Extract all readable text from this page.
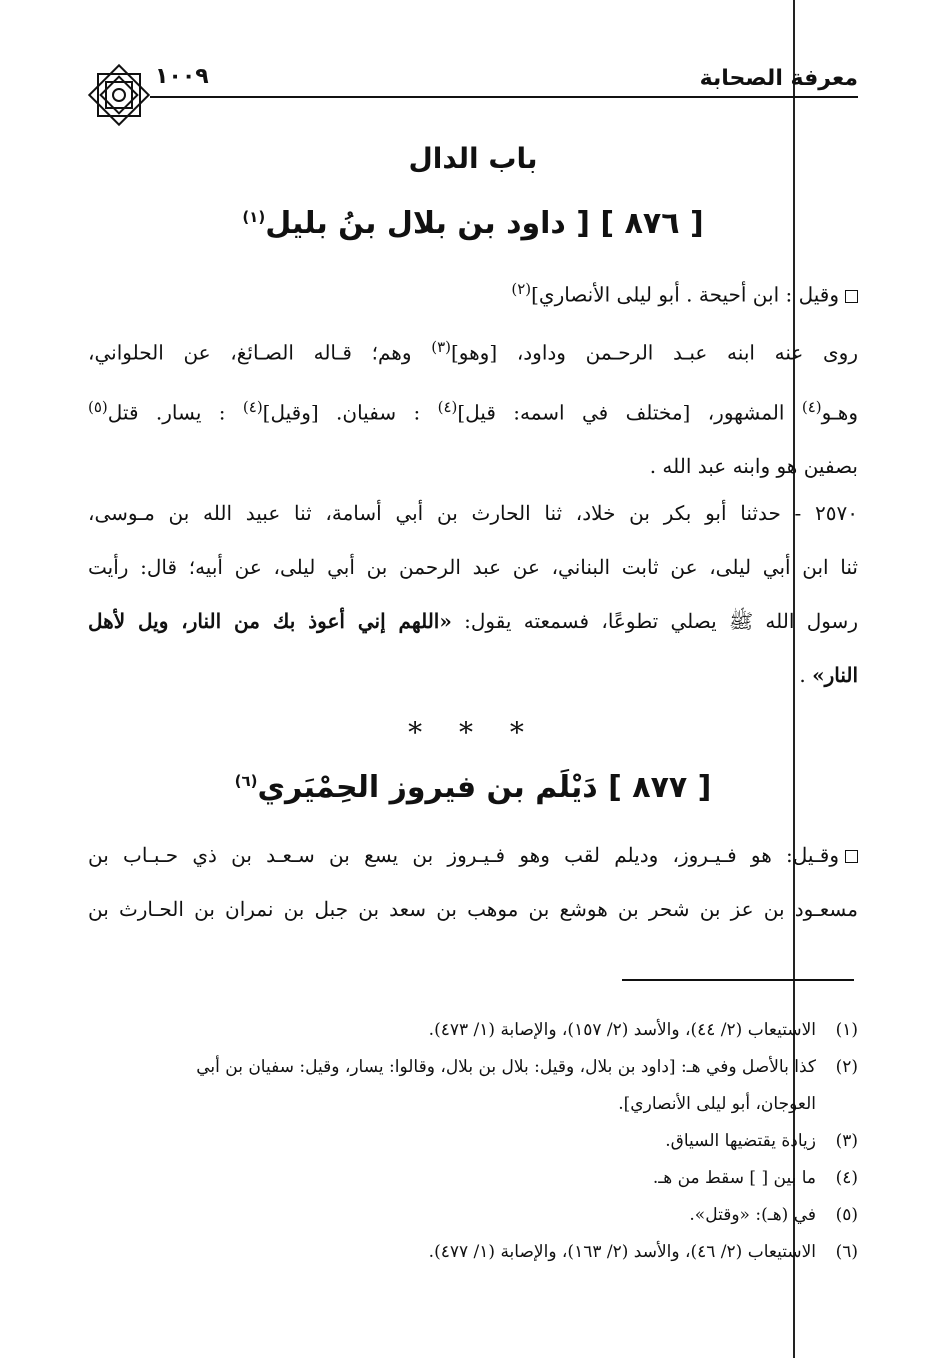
معرفة الصحابة
١٠٠٩
باب الدال
[ ٨٧٦ ] [ داود بن بلال بنُ بليل$^{(١)}$
وقيل : ابن أحيحة . أبو ليلى الأنصاري]$^{(٢)}$
روى عنه ابنه عبـد الرحـمن وداود، [وهو]$^{(٣)}$ وهم؛ قـاله الصـائغ، عن الحلواني،
وهـو$^{(٤)}$ المشهور، [مختلف في اسمه: قيل]$^{(٤)}$ : سفيان. [وقيل]$^{(٤)}$ : يسار. قتل$^{(٥)}$
بصفين هو وابنه عبد الله .
٢٥٧٠ - حدثنا أبو بكر بن خلاد، ثنا الحارث بن أبي أسامة، ثنا عبيد الله بن مـوسى،
ثنا ابن أبي ليلى، عن ثابت البناني، عن عبد الرحمن بن أبي ليلى، عن أبيه؛ قال: رأيت
رسول الله ﷺ يصلي تطوعًا، فسمعته يقول: «اللهم إني أعوذ بك من النار، ويل لأهل
النار» .
* * *
[ ٨٧٧ ] دَيْلَم بن فيروز الحِمْيَري$^{(٦)}$
وقـيل: هو فـيـروز، وديلم لقب وهو فـيـروز بن يسع بن سـعـد بن ذي حـبـاب بن
مسعـود بن عز بن شحر بن هوشع بن موهب بن سعد بن جبل بن نمران بن الحـارث بن
(١)الاستيعاب (٢/ ٤٤)، والأسد (٢/ ١٥٧)، والإصابة (١/ ٤٧٣).
(٢)كذا بالأصل وفي هـ: [داود بن بلال، وقيل: بلال بن بلال، وقالوا: يسار، وقيل: سفيان بن أبي
العوجان، أبو ليلى الأنصاري].
(٣)زيادة يقتضيها السياق.
(٤)ما بين [ ] سقط من هـ.
(٥)في (هـ): «وقتل».
(٦)الاستيعاب (٢/ ٤٦)، والأسد (٢/ ١٦٣)، والإصابة (١/ ٤٧٧).
